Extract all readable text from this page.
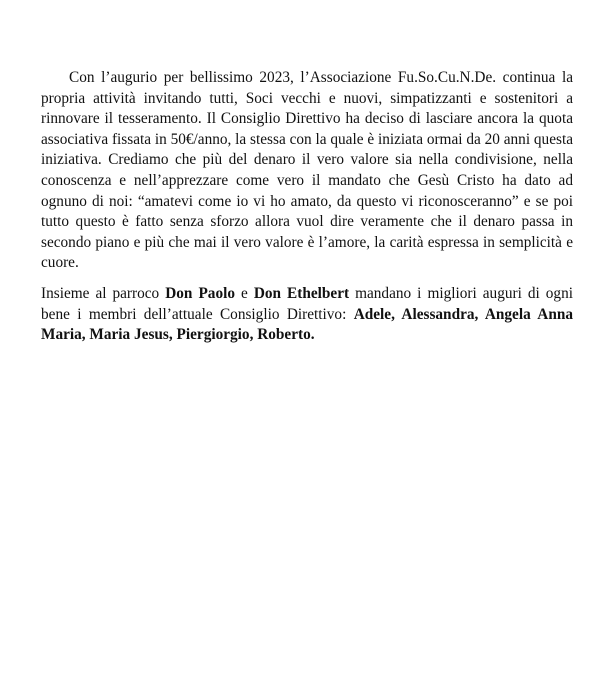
Con l’augurio per bellissimo 2023, l’Associazione Fu.So.Cu.N.De. continua la propria attività invitando tutti, Soci vecchi e nuovi, simpatizzanti e sostenitori a rinnovare il tesseramento. Il Consiglio Direttivo ha deciso di lasciare ancora la quota associativa fissata in 50€/anno, la stessa con la quale è iniziata ormai da 20 anni questa iniziativa. Crediamo che più del denaro il vero valore sia nella condivisione, nella conoscenza e nell’apprezzare come vero il mandato che Gesù Cristo ha dato ad ognuno di noi: “amatevi come io vi ho amato, da questo vi riconosceranno” e se poi tutto questo è fatto senza sforzo allora vuol dire veramente che il denaro passa in secondo piano e più che mai il vero valore è l’amore, la carità espressa in semplicità e cuore.

Insieme al parroco Don Paolo e Don Ethelbert mandano i migliori auguri di ogni bene i membri dell’attuale Consiglio Direttivo: Adele, Alessandra, Angela Anna Maria, Maria Jesus, Piergiorgio, Roberto.
